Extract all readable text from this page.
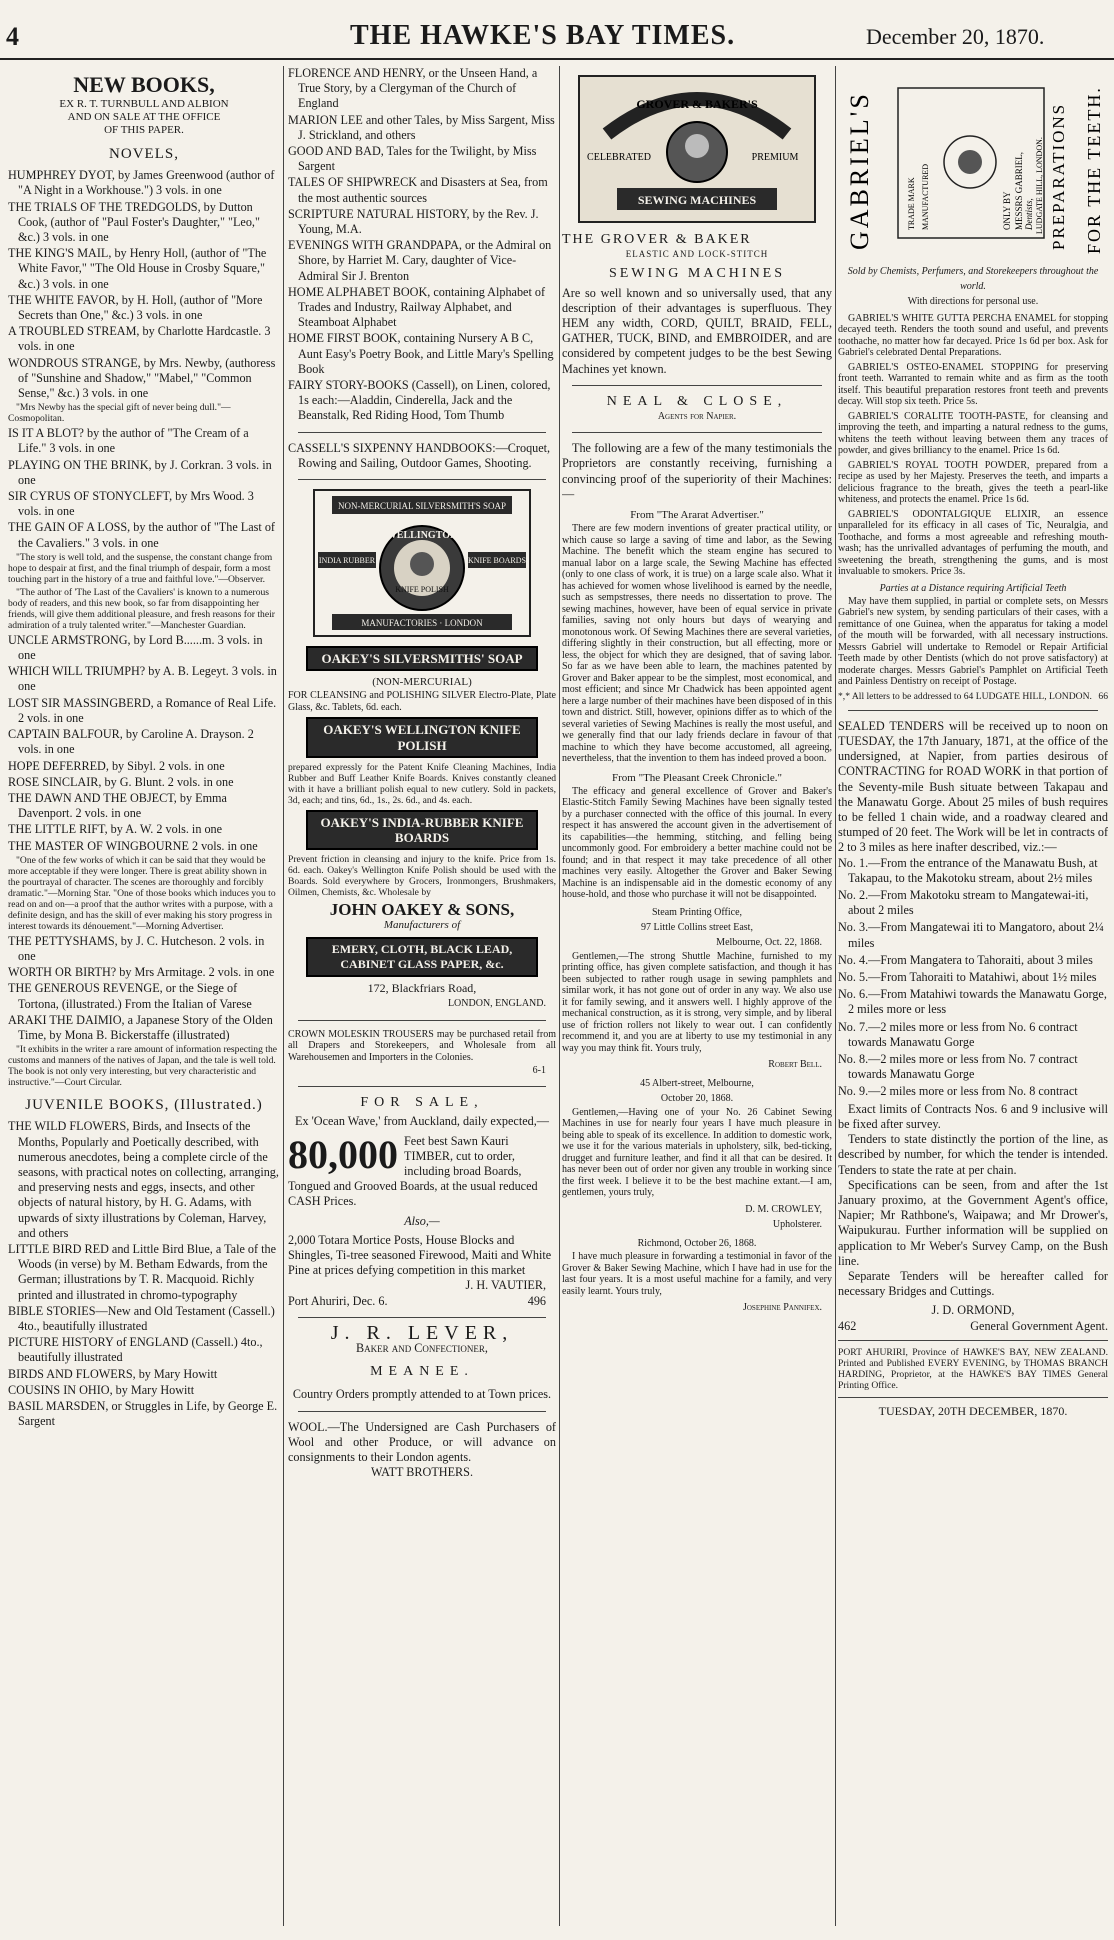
4	THE HAWKE'S BAY TIMES.	December 20, 1870.

NEW BOOKS,

EX R. T. TURNBULL AND ALBION

AND ON SALE AT THE OFFICE

OF THIS PAPER.

NOVELS,

HUMPHREY DYOT, by James Greenwood (author of "A Night in a Workhouse.") 3 vols. in one

THE TRIALS OF THE TREDGOLDS, by Dutton Cook, (author of "Paul Foster's Daughter," "Leo," &c.) 3 vols. in one

THE KING'S MAIL, by Henry Holl, (author of "The White Favor," "The Old House in Crosby Square," &c.) 3 vols. in one

THE WHITE FAVOR, by H. Holl, (author of "More Secrets than One," &c.) 3 vols. in one

A TROUBLED STREAM, by Charlotte Hardcastle. 3 vols. in one

WONDROUS STRANGE, by Mrs. Newby, (authoress of "Sunshine and Shadow," "Mabel," "Common Sense," &c.) 3 vols. in one

"Mrs Newby has the special gift of never being dull."—Cosmopolitan.

IS IT A BLOT? by the author of "The Cream of a Life." 3 vols. in one

PLAYING ON THE BRINK, by J. Corkran. 3 vols. in one

SIR CYRUS OF STONYCLEFT, by Mrs Wood. 3 vols. in one

THE GAIN OF A LOSS, by the author of "The Last of the Cavaliers." 3 vols. in one

"The story is well told, and the suspense, the constant change from hope to despair at first, and the final triumph of despair, form a most touching part in the history of a true and faithful love."—Observer.

"The author of 'The Last of the Cavaliers' is known to a numerous body of readers, and this new book, so far from disappointing her friends, will give them additional pleasure, and fresh reasons for their admiration of a truly talented writer."—Manchester Guardian.

UNCLE ARMSTRONG, by Lord B......m. 3 vols. in one

WHICH WILL TRIUMPH? by A. B. Legeyt. 3 vols. in one

LOST SIR MASSINGBERD, a Romance of Real Life. 2 vols. in one

CAPTAIN BALFOUR, by Caroline A. Drayson. 2 vols. in one

HOPE DEFERRED, by Sibyl. 2 vols. in one

ROSE SINCLAIR, by G. Blunt. 2 vols. in one

THE DAWN AND THE OBJECT, by Emma Davenport. 2 vols. in one

THE LITTLE RIFT, by A. W. 2 vols. in one

THE MASTER OF WINGBOURNE 2 vols. in one

"One of the few works of which it can be said that they would be more acceptable if they were longer. There is great ability shown in the pourtrayal of character. The scenes are thoroughly and forcibly dramatic."—Morning Star. "One of those books which induces you to read on and on—a proof that the author writes with a purpose, with a definite design, and has the skill of ever making his story progress in interest towards its dénouement."—Morning Advertiser.

THE PETTYSHAMS, by J. C. Hutcheson. 2 vols. in one

WORTH OR BIRTH? by Mrs Armitage. 2 vols. in one

THE GENEROUS REVENGE, or the Siege of Tortona, (illustrated.) From the Italian of Varese

ARAKI THE DAIMIO, a Japanese Story of the Olden Time, by Mona B. Bickerstaffe (illustrated)

"It exhibits in the writer a rare amount of information respecting the customs and manners of the natives of Japan, and the tale is well told. The book is not only very interesting, but very characteristic and instructive."—Court Circular.

JUVENILE BOOKS, (Illustrated.)

THE WILD FLOWERS, Birds, and Insects of the Months, Popularly and Poetically described, with numerous anecdotes, being a complete circle of the seasons, with practical notes on collecting, arranging, and preserving nests and eggs, insects, and other objects of natural history, by H. G. Adams, with upwards of sixty illustrations by Coleman, Harvey, and others

LITTLE BIRD RED and Little Bird Blue, a Tale of the Woods (in verse) by M. Betham Edwards, from the German; illustrations by T. R. Macquoid. Richly printed and illustrated in chromo-typography

BIBLE STORIES—New and Old Testament (Cassell.) 4to., beautifully illustrated

PICTURE HISTORY of ENGLAND (Cassell.) 4to., beautifully illustrated

BIRDS AND FLOWERS, by Mary Howitt

COUSINS IN OHIO, by Mary Howitt

BASIL MARSDEN, or Struggles in Life, by George E. Sargent

FLORENCE AND HENRY, or the Unseen Hand, a True Story, by a Clergyman of the Church of England

MARION LEE and other Tales, by Miss Sargent, Miss J. Strickland, and others

GOOD AND BAD, Tales for the Twilight, by Miss Sargent

TALES OF SHIPWRECK and Disasters at Sea, from the most authentic sources

SCRIPTURE NATURAL HISTORY, by the Rev. J. Young, M.A.

EVENINGS WITH GRANDPAPA, or the Admiral on Shore, by Harriet M. Cary, daughter of Vice-Admiral Sir J. Brenton

HOME ALPHABET BOOK, containing Alphabet of Trades and Industry, Railway Alphabet, and Steamboat Alphabet

HOME FIRST BOOK, containing Nursery A B C, Aunt Easy's Poetry Book, and Little Mary's Spelling Book

FAIRY STORY-BOOKS (Cassell), on Linen, colored, 1s each:—Aladdin, Cinderella, Jack and the Beanstalk, Red Riding Hood, Tom Thumb

CASSELL'S SIXPENNY HANDBOOKS:—Croquet, Rowing and Sailing, Outdoor Games, Shooting.

NON-MERCURIAL SILVERSMITH'S SOAP
WELLINGTON
INDIA RUBBER	KNIFE BOARDS
KNIFE POLISH
MANUFACTORIES · LONDON
OAKEY'S SILVERSMITHS' SOAP

(NON-MERCURIAL)

FOR CLEANSING and POLISHING SILVER Electro-Plate, Plate Glass, &c. Tablets, 6d. each.

OAKEY'S WELLINGTON KNIFE POLISH

prepared expressly for the Patent Knife Cleaning Machines, India Rubber and Buff Leather Knife Boards. Knives constantly cleaned with it have a brilliant polish equal to new cutlery. Sold in packets, 3d, each; and tins, 6d., 1s., 2s. 6d., and 4s. each.

OAKEY'S INDIA-RUBBER KNIFE BOARDS

Prevent friction in cleansing and injury to the knife. Price from 1s. 6d. each. Oakey's Wellington Knife Polish should be used with the Boards. Sold everywhere by Grocers, Ironmongers, Brushmakers, Oilmen, Chemists, &c. Wholesale by

JOHN OAKEY & SONS,

Manufacturers of

EMERY, CLOTH, BLACK LEAD, CABINET GLASS PAPER, &c.

172, Blackfriars Road,

LONDON, ENGLAND.

CROWN MOLESKIN TROUSERS may be purchased retail from all Drapers and Storekeepers, and Wholesale from all Warehousemen and Importers in the Colonies.

6-1

FOR SALE,

Ex 'Ocean Wave,' from Auckland, daily expected,—

80,000 Feet best Sawn Kauri TIMBER, cut to order, including broad Boards, Tongued and Grooved Boards, at the usual reduced CASH Prices.

Also,—

2,000 Totara Mortice Posts, House Blocks and Shingles, Ti-tree seasoned Firewood, Maiti and White Pine at prices defying competition in this market

J. H. VAUTIER,

Port Ahuriri, Dec. 6.	496

J. R. LEVER,

Baker and Confectioner,

MEANEE.

Country Orders promptly attended to at Town prices.

WOOL.—The Undersigned are Cash Purchasers of Wool and other Produce, or will advance on consignments to their London agents.

WATT BROTHERS.

GROVER & BAKER'S
CELEBRATED	PREMIUM
SEWING MACHINES

THE GROVER & BAKER

ELASTIC AND LOCK-STITCH

SEWING MACHINES

Are so well known and so universally used, that any description of their advantages is superfluous. They HEM any width, CORD, QUILT, BRAID, FELL, GATHER, TUCK, BIND, and EMBROIDER, and are considered by competent judges to be the best Sewing Machines yet known.

NEAL & CLOSE,

Agents for Napier.

The following are a few of the many testimonials the Proprietors are constantly receiving, furnishing a convincing proof of the superiority of their Machines:—

From "The Ararat Advertiser."

There are few modern inventions of greater practical utility, or which cause so large a saving of time and labor, as the Sewing Machine. The benefit which the steam engine has secured to manual labor on a large scale, the Sewing Machine has effected (only to one class of work, it is true) on a large scale also. What it has achieved for women whose livelihood is earned by the needle, such as sempstresses, there needs no dissertation to prove. The sewing machines, however, have been of equal service in private families, saving not only hours but days of wearying and monotonous work. Of Sewing Machines there are several varieties, differing slightly in their construction, but all effecting, more or less, the object for which they are designed, that of saving labor. So far as we have been able to learn, the machines patented by Grover and Baker appear to be the simplest, most economical, and most efficient; and since Mr Chadwick has been appointed agent here a large number of their machines have been disposed of in this town and district. Still, however, opinions differ as to which of the several varieties of Sewing Machines is really the most useful, and we generally find that our lady friends declare in favour of that machine to which they have become accustomed, all agreeing, nevertheless, that the invention to them has indeed proved a boon.

From "The Pleasant Creek Chronicle."

The efficacy and general excellence of Grover and Baker's Elastic-Stitch Family Sewing Machines have been signally tested by a purchaser connected with the office of this journal. In every respect it has answered the account given in the advertisement of its capabilities—the hemming, stitching, and felling being uncommonly good. For embroidery a better machine could not be found; and in that respect it may take precedence of all other machines very easily. Altogether the Grover and Baker Sewing Machine is an indispensable aid in the domestic economy of any house-hold, and those who purchase it will not be disappointed.

Steam Printing Office,

97 Little Collins street East,

Melbourne, Oct. 22, 1868.

Gentlemen,—The strong Shuttle Machine, furnished to my printing office, has given complete satisfaction, and though it has been subjected to rather rough usage in sewing pamphlets and similar work, it has not gone out of order in any way. We also use it for family sewing, and it answers well. I highly approve of the mechanical construction, as it is strong, very simple, and by liberal use of friction rollers not likely to wear out. I can confidently recommend it, and you are at liberty to use my testimonial in any way you may think fit. Yours truly,

Robert Bell.

45 Albert-street, Melbourne,

October 20, 1868.

Gentlemen,—Having one of your No. 26 Cabinet Sewing Machines in use for nearly four years I have much pleasure in being able to speak of its excellence. In addition to domestic work, we use it for the various materials in upholstery, silk, bed-ticking, drugget and furniture leather, and find it all that can be desired. It has never been out of order nor given any trouble in working since the first week. I believe it to be the best machine extant.—I am, gentlemen, yours truly,

D. M. CROWLEY,

Upholsterer.

Richmond, October 26, 1868.

I have much pleasure in forwarding a testimonial in favor of the Grover & Baker Sewing Machine, which I have had in use for the last four years. It is a most useful machine for a family, and very easily learnt. Yours truly,

Josephine Pannifex.

GABRIEL'S	PREPARATIONS FOR THE TEETH.
TRADE MARK MANUFACTURED	ONLY BY MESSRS GABRIEL, Dentists, LUDGATE HILL, LONDON.

Sold by Chemists, Perfumers, and Storekeepers throughout the world.

With directions for personal use.

GABRIEL'S WHITE GUTTA PERCHA ENAMEL for stopping decayed teeth. Renders the tooth sound and useful, and prevents toothache, no matter how far decayed. Price 1s 6d per box. Ask for Gabriel's celebrated Dental Preparations.

GABRIEL'S OSTEO-ENAMEL STOPPING for preserving front teeth. Warranted to remain white and as firm as the tooth itself. This beautiful preparation restores front teeth and prevents decay. Will stop six teeth. Price 5s.

GABRIEL'S CORALITE TOOTH-PASTE, for cleansing and improving the teeth, and imparting a natural redness to the gums, whitens the teeth without leaving between them any traces of powder, and gives brilliancy to the enamel. Price 1s 6d.

GABRIEL'S ROYAL TOOTH POWDER, prepared from a recipe as used by her Majesty. Preserves the teeth, and imparts a delicious fragrance to the breath, gives the teeth a pearl-like whiteness, and protects the enamel. Price 1s 6d.

GABRIEL'S ODONTALGIQUE ELIXIR, an essence unparalleled for its efficacy in all cases of Tic, Neuralgia, and Toothache, and forms a most agreeable and refreshing mouth-wash; has the unrivalled advantages of perfuming the mouth, and sweetening the breath, strengthening the gums, and is most invaluable to smokers. Price 3s.

Parties at a Distance requiring Artificial Teeth

May have them supplied, in partial or complete sets, on Messrs Gabriel's new system, by sending particulars of their cases, with a remittance of one Guinea, when the apparatus for taking a model of the mouth will be forwarded, with all necessary instructions. Messrs Gabriel will undertake to Remodel or Repair Artificial Teeth made by other Dentists (which do not prove satisfactory) at moderate charges. Messrs Gabriel's Pamphlet on Artificial Teeth and Painless Dentistry on receipt of Postage.

*,* All letters to be addressed to 64 LUDGATE HILL, LONDON. 66

SEALED TENDERS will be received up to noon on TUESDAY, the 17th January, 1871, at the office of the undersigned, at Napier, from parties desirous of CONTRACTING for ROAD WORK in that portion of the Seventy-mile Bush situate between Takapau and the Manawatu Gorge. About 25 miles of bush requires to be felled 1 chain wide, and a roadway cleared and stumped of 20 feet. The Work will be let in contracts of 2 to 3 miles as here inafter described, viz.:—

No. 1.—From the entrance of the Manawatu Bush, at Takapau, to the Makotoku stream, about 2½ miles

No. 2.—From Makotoku stream to Mangatewai-iti, about 2 miles

No. 3.—From Mangatewai iti to Mangatoro, about 2¼ miles

No. 4.—From Mangatera to Tahoraiti, about 3 miles

No. 5.—From Tahoraiti to Matahiwi, about 1½ miles

No. 6.—From Matahiwi towards the Manawatu Gorge, 2 miles more or less

No. 7.—2 miles more or less from No. 6 contract towards Manawatu Gorge

No. 8.—2 miles more or less from No. 7 contract towards Manawatu Gorge

No. 9.—2 miles more or less from No. 8 contract

Exact limits of Contracts Nos. 6 and 9 inclusive will be fixed after survey.

Tenders to state distinctly the portion of the line, as described by number, for which the tender is intended. Tenders to state the rate at per chain.

Specifications can be seen, from and after the 1st January proximo, at the Government Agent's office, Napier; Mr Rathbone's, Waipawa; and Mr Drower's, Waipukurau. Further information will be supplied on application to Mr Weber's Survey Camp, on the Bush line.

Separate Tenders will be hereafter called for necessary Bridges and Cuttings.

J. D. ORMOND,

462	General Government Agent.

PORT AHURIRI, Province of HAWKE'S BAY, NEW ZEALAND. Printed and Published EVERY EVENING, by THOMAS BRANCH HARDING, Proprietor, at the HAWKE'S BAY TIMES General Printing Office.

TUESDAY, 20TH DECEMBER, 1870.
